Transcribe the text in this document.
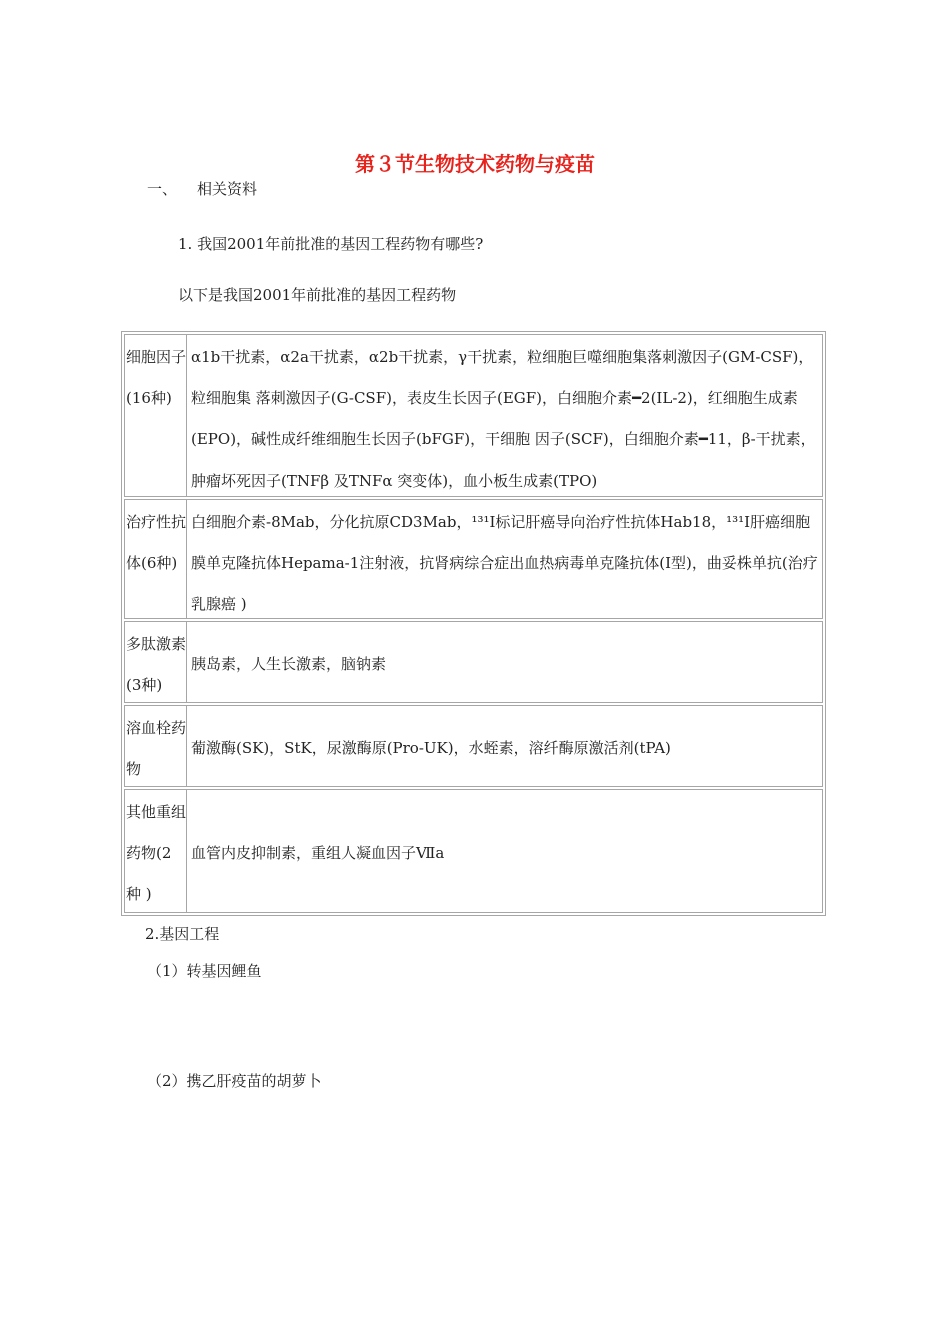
第３节生物技术药物与疫苗
一、 相关资料
1. 我国2001年前批准的基因工程药物有哪些?
以下是我国2001年前批准的基因工程药物
细胞因子(16种)
α1b干扰素，α2a干扰素，α2b干扰素，γ干扰素，粒细胞巨噬细胞集落刺激因子(GM-CSF)，粒细胞集 落刺激因子(G-CSF)，表皮生长因子(EGF)，白细胞介素━2(IL-2)，红细胞生成素(EPO)，碱性成纤维细胞生长因子(bFGF)，干细胞 因子(SCF)，白细胞介素━11，β-干扰素，肿瘤坏死因子(TNFβ 及TNFα 突变体)，血小板生成素(TPO)
治疗性抗体(6种)
白细胞介素-8Mab，分化抗原CD3Mab，¹³¹I标记肝癌导向治疗性抗体Hab18，¹³¹I肝癌细胞膜单克隆抗体Hepama-1注射液，抗肾病综合症出血热病毒单克隆抗体(I型)，曲妥株单抗(治疗乳腺癌 )
多肽激素(3种)
胰岛素，人生长激素，脑钠素
溶血栓药物
葡激酶(SK)，StK，尿激酶原(Pro-UK)，水蛭素，溶纤酶原激活剂(tPA)
其他重组药物(2种 )
血管内皮抑制素，重组人凝血因子Ⅶa
2.基因工程
（1）转基因鲤鱼
（2）携乙肝疫苗的胡萝卜
